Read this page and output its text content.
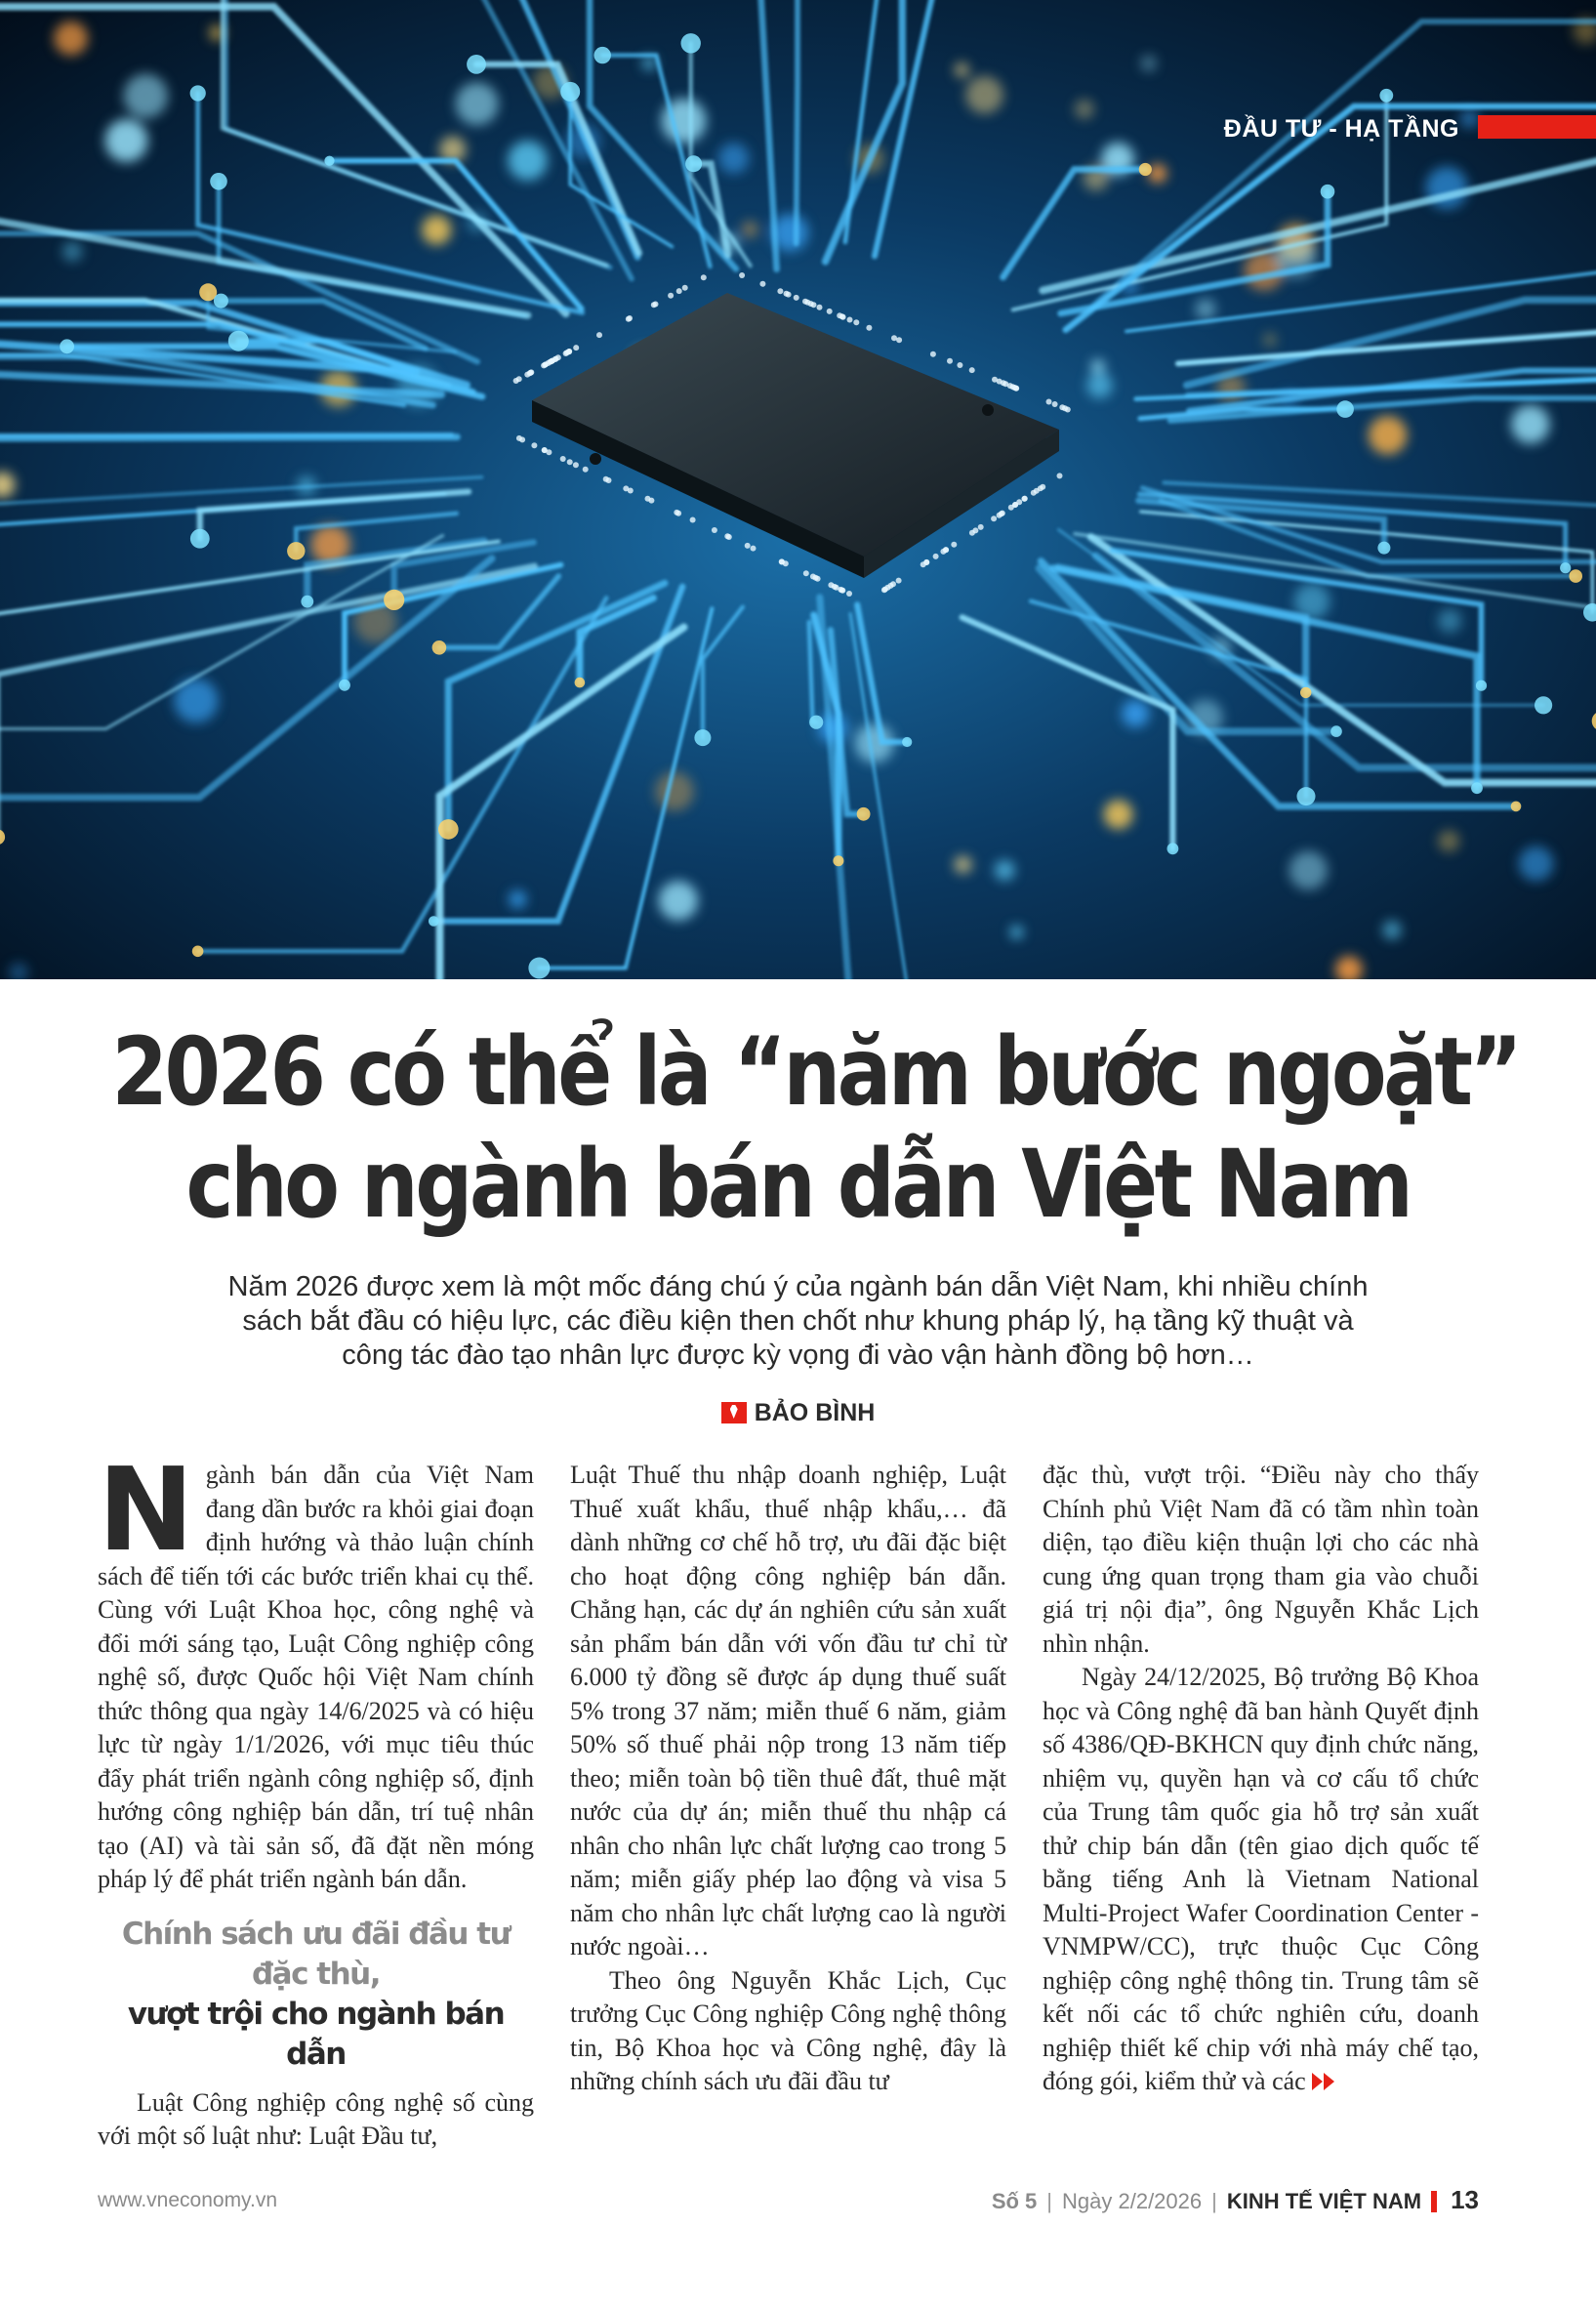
ĐẦU TƯ - HẠ TẦNG
2026 có thể là “năm bước ngoặt”
cho ngành bán dẫn Việt Nam
Năm 2026 được xem là một mốc đáng chú ý của ngành bán dẫn Việt Nam, khi nhiều chính
sách bắt đầu có hiệu lực, các điều kiện then chốt như khung pháp lý, hạ tầng kỹ thuật và
công tác đào tạo nhân lực được kỳ vọng đi vào vận hành đồng bộ hơn…
BẢO BÌNH

Ngành bán dẫn của Việt Nam đang dần bước ra khỏi giai đoạn định hướng và thảo luận chính sách để tiến tới các bước triển khai cụ thể. Cùng với Luật Khoa học, công nghệ và đổi mới sáng tạo, Luật Công nghiệp công nghệ số, được Quốc hội Việt Nam chính thức thông qua ngày 14/6/2025 và có hiệu lực từ ngày 1/1/2026, với mục tiêu thúc đẩy phát triển ngành công nghiệp số, định hướng công nghiệp bán dẫn, trí tuệ nhân tạo (AI) và tài sản số, đã đặt nền móng pháp lý để phát triển ngành bán dẫn.

Chính sách ưu đãi đầu tư đặc thù,
vượt trội cho ngành bán dẫn

Luật Công nghiệp công nghệ số cùng với một số luật như: Luật Đầu tư,

Luật Thuế thu nhập doanh nghiệp, Luật Thuế xuất khẩu, thuế nhập khẩu,… đã dành những cơ chế hỗ trợ, ưu đãi đặc biệt cho hoạt động công nghiệp bán dẫn. Chẳng hạn, các dự án nghiên cứu sản xuất sản phẩm bán dẫn với vốn đầu tư chỉ từ 6.000 tỷ đồng sẽ được áp dụng thuế suất 5% trong 37 năm; miễn thuế 6 năm, giảm 50% số thuế phải nộp trong 13 năm tiếp theo; miễn toàn bộ tiền thuê đất, thuê mặt nước của dự án; miễn thuế thu nhập cá nhân cho nhân lực chất lượng cao trong 5 năm; miễn giấy phép lao động và visa 5 năm cho nhân lực chất lượng cao là người nước ngoài…

Theo ông Nguyễn Khắc Lịch, Cục trưởng Cục Công nghiệp Công nghệ thông tin, Bộ Khoa học và Công nghệ, đây là những chính sách ưu đãi đầu tư

đặc thù, vượt trội. “Điều này cho thấy Chính phủ Việt Nam đã có tầm nhìn toàn diện, tạo điều kiện thuận lợi cho các nhà cung ứng quan trọng tham gia vào chuỗi giá trị nội địa”, ông Nguyễn Khắc Lịch nhìn nhận.

Ngày 24/12/2025, Bộ trưởng Bộ Khoa học và Công nghệ đã ban hành Quyết định số 4386/QĐ-BKHCN quy định chức năng, nhiệm vụ, quyền hạn và cơ cấu tổ chức của Trung tâm quốc gia hỗ trợ sản xuất thử chip bán dẫn (tên giao dịch quốc tế bằng tiếng Anh là Vietnam National Multi-Project Wafer Coordination Center - VNMPW/CC), trực thuộc Cục Công nghiệp công nghệ thông tin. Trung tâm sẽ kết nối các tổ chức nghiên cứu, doanh nghiệp thiết kế chip với nhà máy chế tạo, đóng gói, kiểm thử và các

www.vneconomy.vn	Số 5 | Ngày 2/2/2026 | KINH TẾ VIỆT NAM 13
